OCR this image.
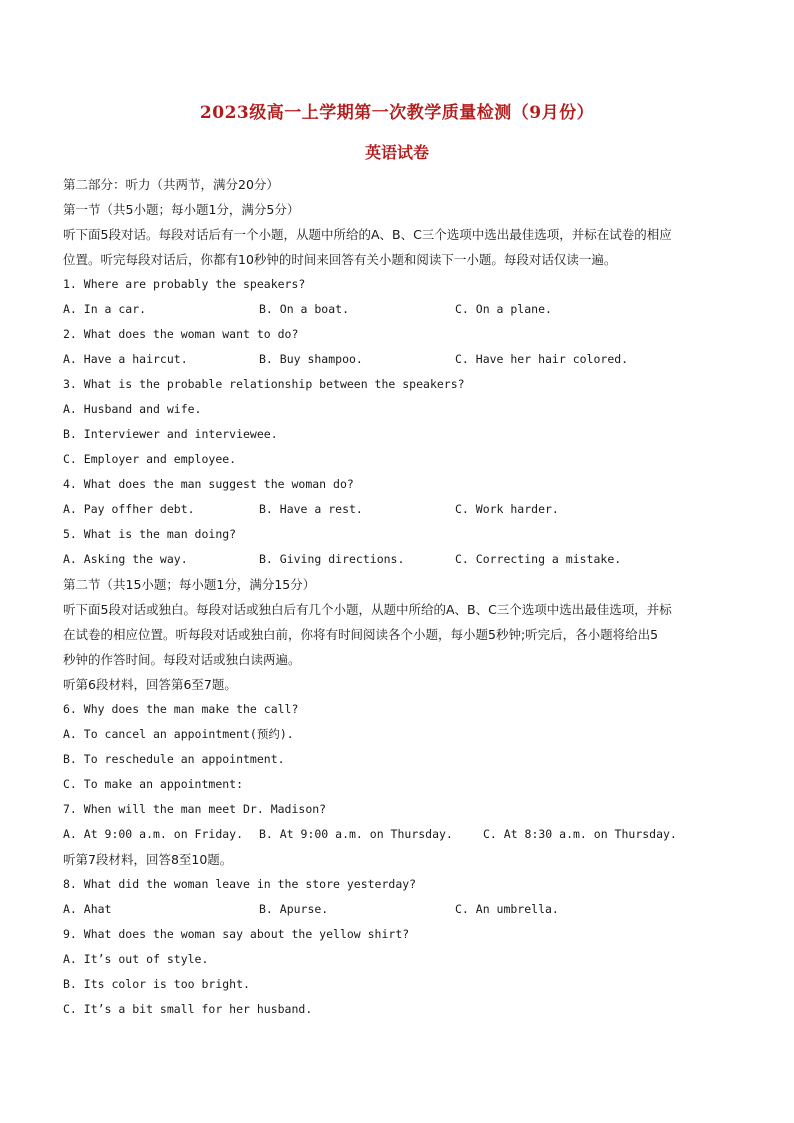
2023级高一上学期第一次教学质量检测（9月份）
英语试卷
第二部分：听力（共两节，满分20分）
第一节（共5小题；每小题1分，满分5分）
听下面5段对话。每段对话后有一个小题，从题中所给的A、B、C三个选项中选出最佳选项，并标在试卷的相应
位置。听完每段对话后，你都有10秒钟的时间来回答有关小题和阅读下一小题。每段对话仅读一遍。
1. Where are probably the speakers?
A. In a car.	B. On a boat.	C. On a plane.
2. What does the woman want to do?
A. Have a haircut.	B. Buy shampoo.	C. Have her hair colored.
3. What is the probable relationship between the speakers?
A. Husband and wife.
B. Interviewer and interviewee.
C. Employer and employee.
4. What does the man suggest the woman do?
A. Pay offher debt.	B. Have a rest.	C. Work harder.
5. What is the man doing?
A. Asking the way.	B. Giving directions.	C. Correcting a mistake.
第二节（共15小题；每小题1分，满分15分）
听下面5段对话或独白。每段对话或独白后有几个小题，从题中所给的A、B、C三个选项中选出最佳选项，并标
在试卷的相应位置。听每段对话或独白前，你将有时间阅读各个小题，每小题5秒钟;听完后，各小题将给出5
秒钟的作答时间。每段对话或独白读两遍。
听第6段材料，回答第6至7题。
6. Why does the man make the call?
A. To cancel an appointment(预约).
B. To reschedule an appointment.
C. To make an appointment:
7. When will the man meet Dr. Madison?
A. At 9:00 a.m. on Friday.	B. At 9:00 a.m. on Thursday.	C. At 8:30 a.m. on Thursday.
听第7段材料，回答8至10题。
8. What did the woman leave in the store yesterday?
A. Ahat	B. Apurse.	C. An umbrella.
9. What does the woman say about the yellow shirt?
A. It’s out of style.
B. Its color is too bright.
C. It’s a bit small for her husband.
